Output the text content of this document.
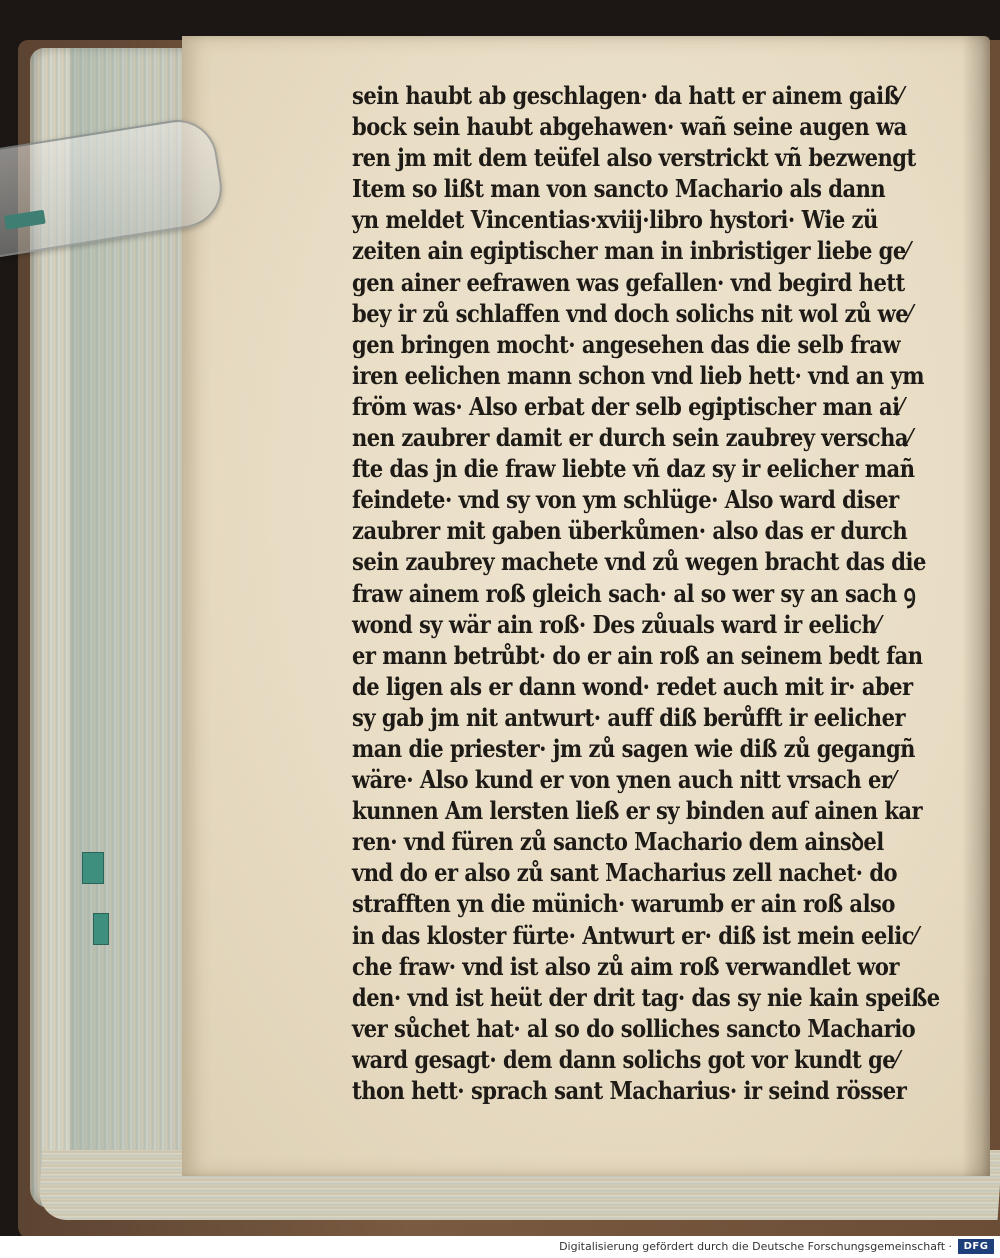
sein haubt ab geschlagen· da hatt er ainem gaiß⁄
bock sein haubt abgehawen· wañ seine augen wa
ren jm mit dem teüfel also verstrickt vñ bezwengt
Item so lißt man von sancto Machario als dann
yn meldet Vincentias·xviij·libro hystori· Wie zü
zeiten ain egiptischer man in inbristiger liebe ge⁄
gen ainer eefrawen was gefallen· vnd begird hett
bey ir zů schlaffen vnd doch solichs nit wol zů we⁄
gen bringen mocht· angesehen das die selb fraw
iren eelichen mann schon vnd lieb hett· vnd an ym
fröm was· Also erbat der selb egiptischer man ai⁄
nen zaubrer damit er durch sein zaubrey verscha⁄
fte das jn die fraw liebte vñ daz sy ir eelicher mañ
feindete· vnd sy von ym schlüge· Also ward diser
zaubrer mit gaben überkůmen· also das er durch
sein zaubrey machete vnd zů wegen bracht das die
fraw ainem roß gleich sach· al so wer sy an sach ꝯ
wond sy wär ain roß· Des zůuals ward ir eelich⁄
er mann betrůbt· do er ain roß an seinem bedt fan
de ligen als er dann wond· redet auch mit ir· aber
sy gab jm nit antwurt· auff diß berůfft ir eelicher
man die priester· jm zů sagen wie diß zů gegangñ
wäre· Also kund er von ynen auch nitt vrsach er⁄
kunnen Am lersten ließ er sy binden auf ainen kar
ren· vnd füren zů sancto Machario dem ainsꝺel
vnd do er also zů sant Macharius zell nachet· do
strafften yn die münich· warumb er ain roß also
in das kloster fürte· Antwurt er· diß ist mein eelic⁄
che fraw· vnd ist also zů aim roß verwandlet wor
den· vnd ist heüt der drit tag· das sy nie kain speiße
ver sůchet hat· al so do solliches sancto Machario
ward gesagt· dem dann solichs got vor kundt ge⁄
thon hett· sprach sant Macharius· ir seind rösser
Digitalisierung gefördert durch die Deutsche Forschungsgemeinschaft ·	DFG
